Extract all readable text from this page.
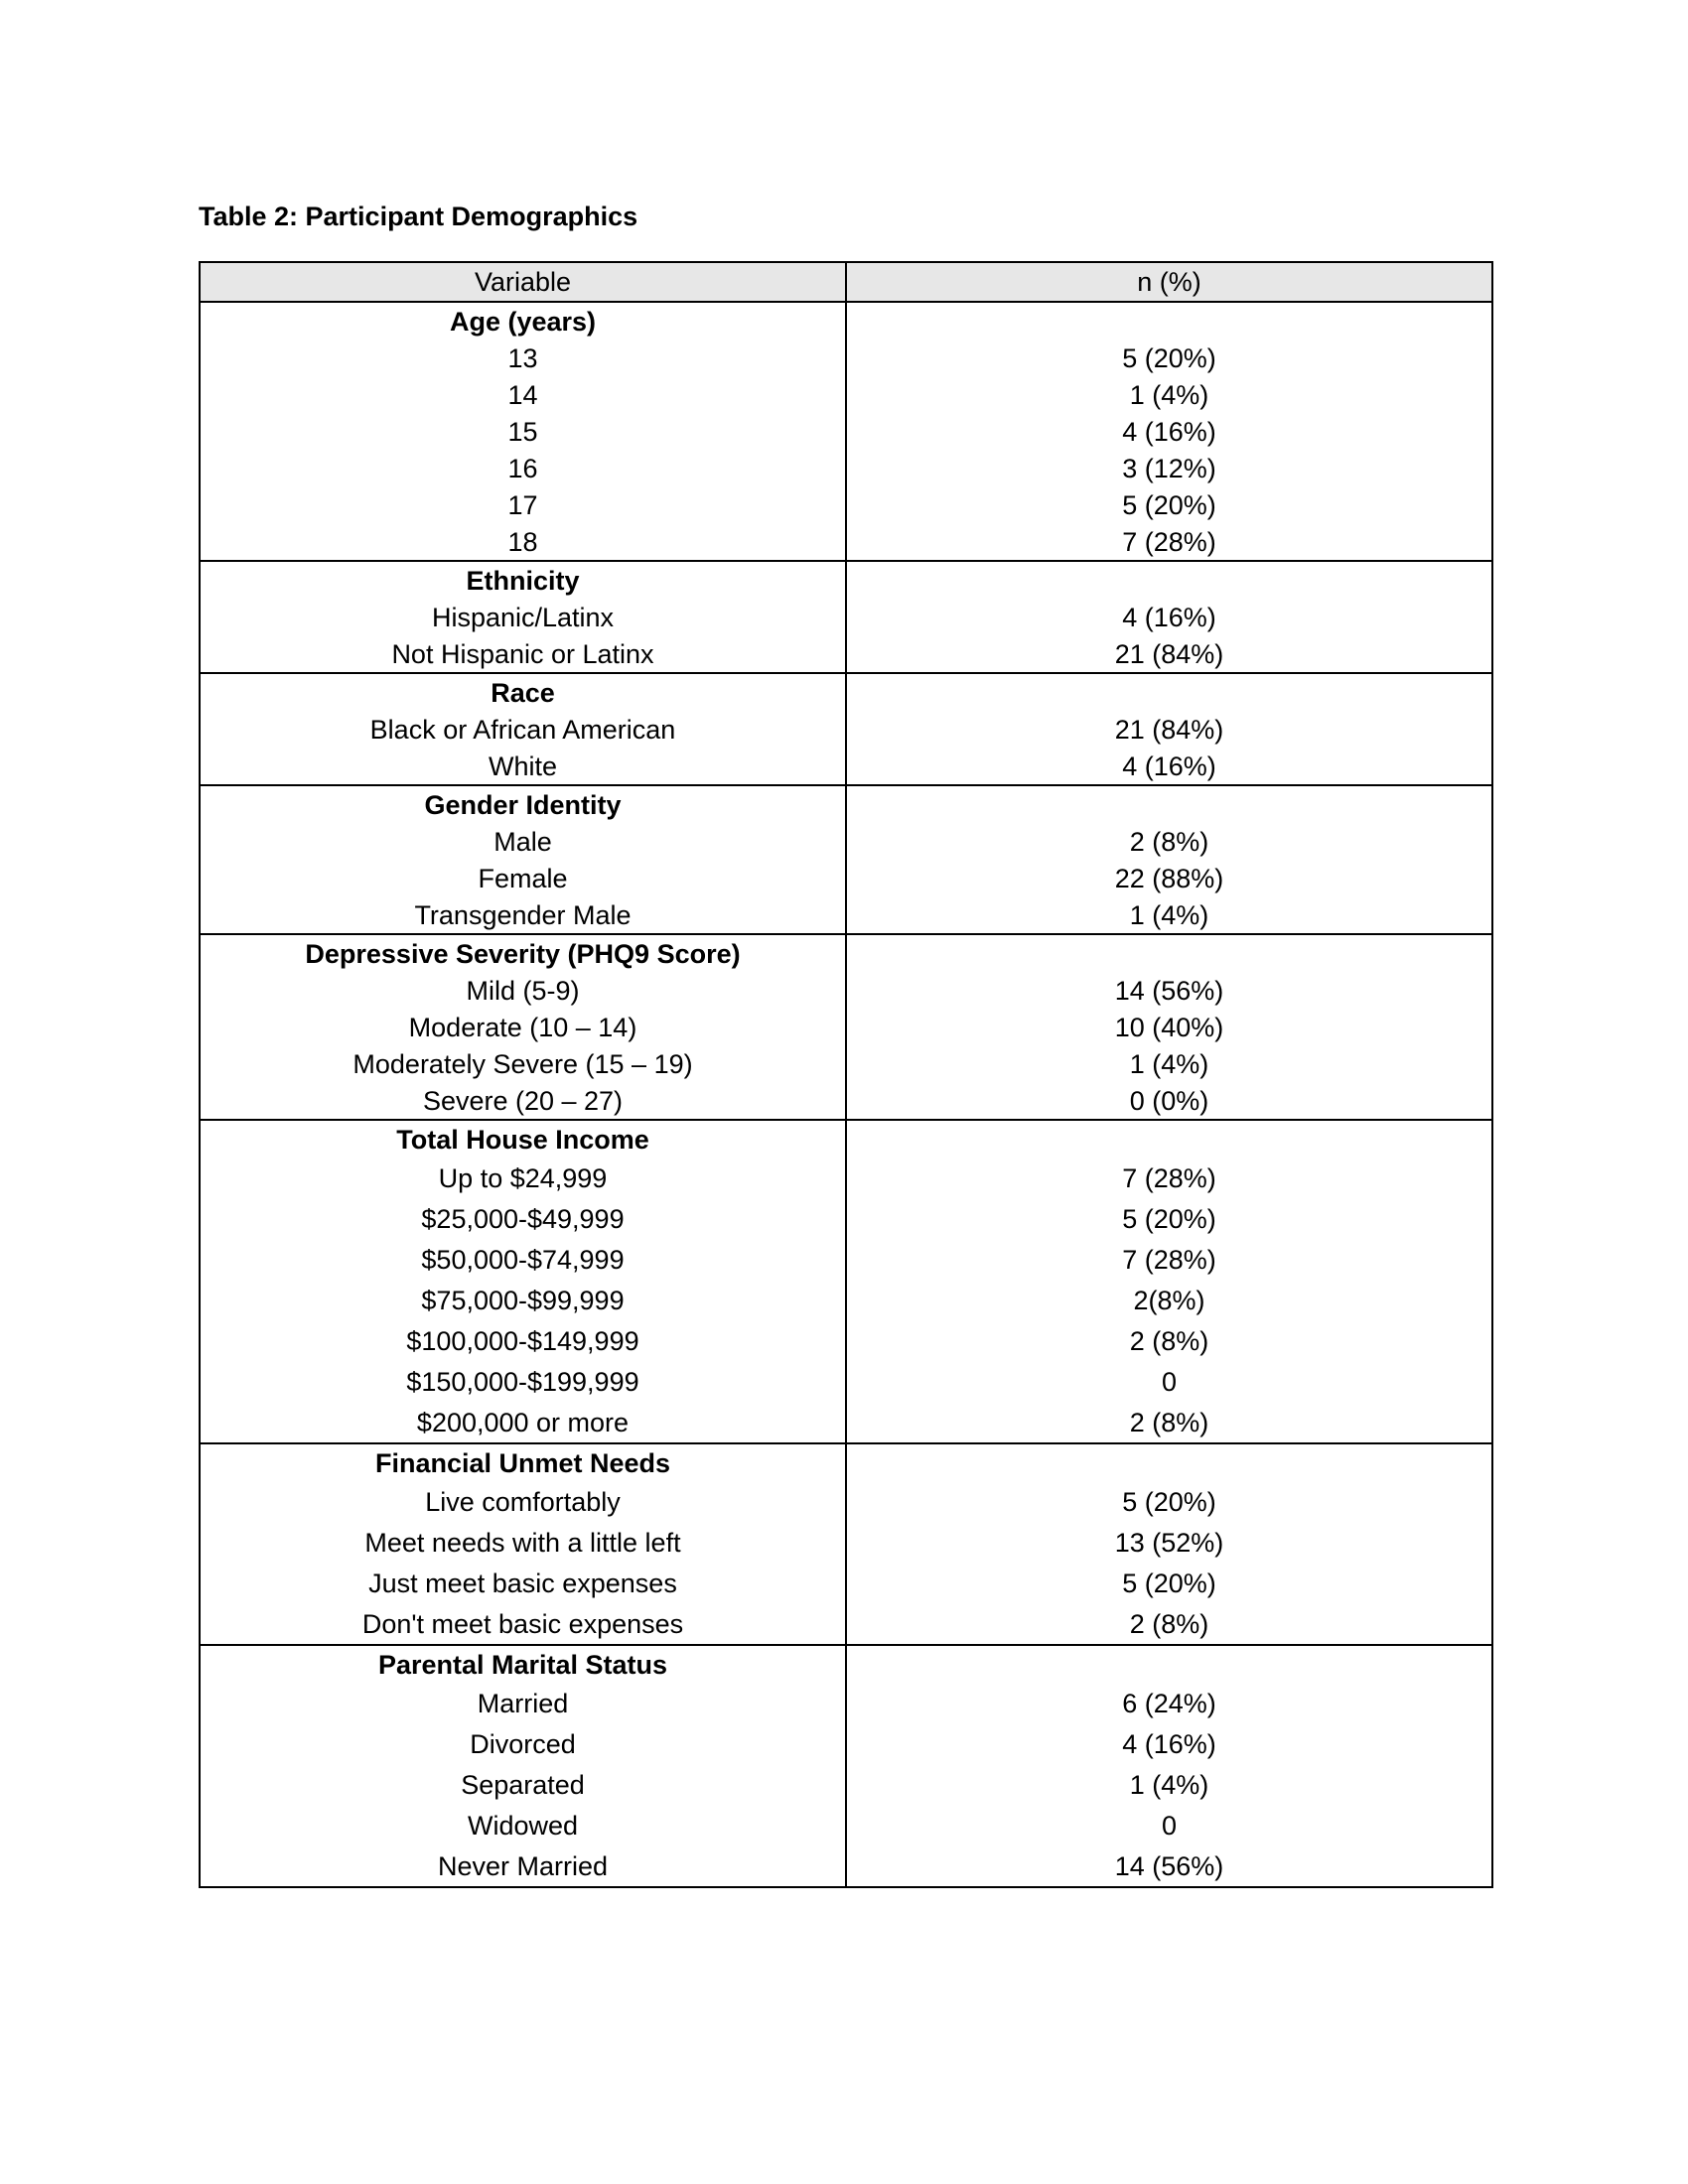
Table 2: Participant Demographics
Variable	n (%)
Age (years)	
13	5 (20%)
14	1 (4%)
15	4 (16%)
16	3 (12%)
17	5 (20%)
18	7 (28%)
Ethnicity	
Hispanic/Latinx	4 (16%)
Not Hispanic or Latinx	21 (84%)
Race	
Black or African American	21 (84%)
White	4 (16%)
Gender Identity	
Male	2 (8%)
Female	22 (88%)
Transgender Male	1 (4%)
Depressive Severity (PHQ9 Score)	
Mild (5-9)	14 (56%)
Moderate (10 – 14)	10 (40%)
Moderately Severe (15 – 19)	1 (4%)
Severe (20 – 27)	0 (0%)
Total House Income	
Up to $24,999	7 (28%)
$25,000-$49,999	5 (20%)
$50,000-$74,999	7 (28%)
$75,000-$99,999	2(8%)
$100,000-$149,999	2 (8%)
$150,000-$199,999	0
$200,000 or more	2 (8%)
Financial Unmet Needs	
Live comfortably	5 (20%)
Meet needs with a little left	13 (52%)
Just meet basic expenses	5 (20%)
Don't meet basic expenses	2 (8%)
Parental Marital Status	
Married	6 (24%)
Divorced	4 (16%)
Separated	1 (4%)
Widowed	0
Never Married	14 (56%)
